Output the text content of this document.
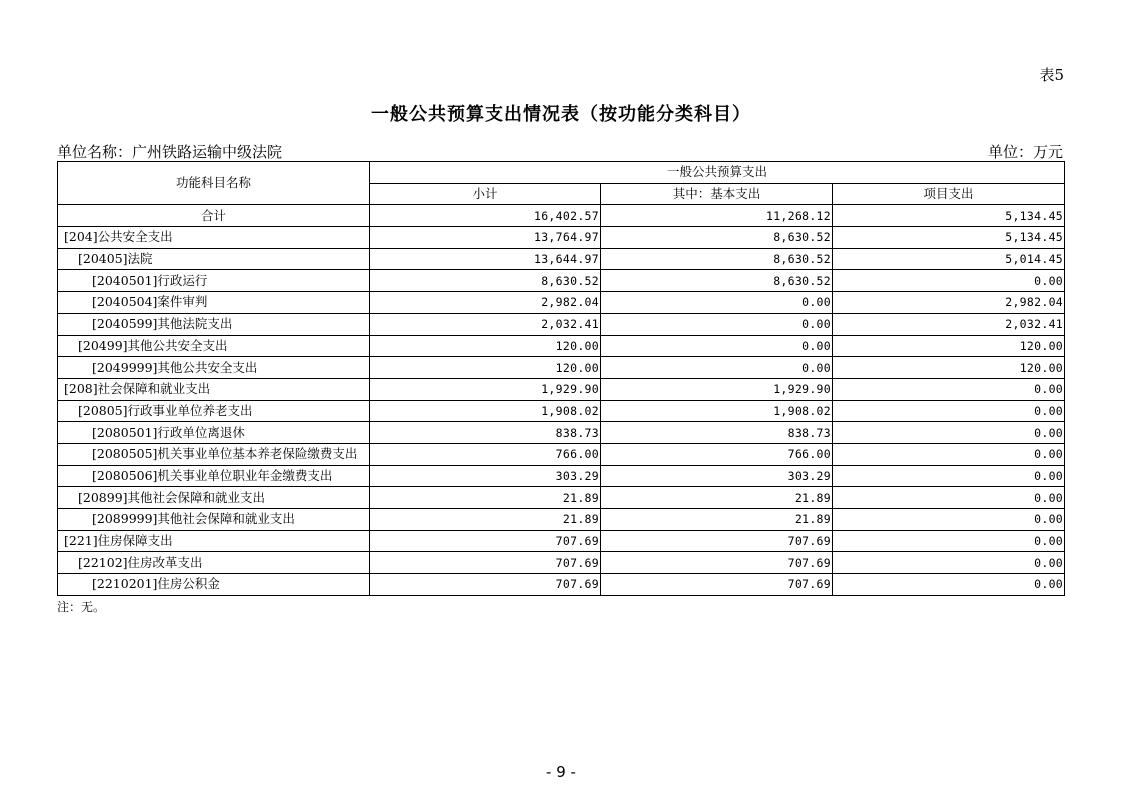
表5
一般公共预算支出情况表（按功能分类科目）
单位名称：广州铁路运输中级法院	单位：万元
功能科目名称	一般公共预算支出		
	小计	其中：基本支出	项目支出
合计	16,402.57	11,268.12	5,134.45
[204]公共安全支出	13,764.97	8,630.52	5,134.45
[20405]法院	13,644.97	8,630.52	5,014.45
[2040501]行政运行	8,630.52	8,630.52	0.00
[2040504]案件审判	2,982.04	0.00	2,982.04
[2040599]其他法院支出	2,032.41	0.00	2,032.41
[20499]其他公共安全支出	120.00	0.00	120.00
[2049999]其他公共安全支出	120.00	0.00	120.00
[208]社会保障和就业支出	1,929.90	1,929.90	0.00
[20805]行政事业单位养老支出	1,908.02	1,908.02	0.00
[2080501]行政单位离退休	838.73	838.73	0.00
[2080505]机关事业单位基本养老保险缴费支出	766.00	766.00	0.00
[2080506]机关事业单位职业年金缴费支出	303.29	303.29	0.00
[20899]其他社会保障和就业支出	21.89	21.89	0.00
[2089999]其他社会保障和就业支出	21.89	21.89	0.00
[221]住房保障支出	707.69	707.69	0.00
[22102]住房改革支出	707.69	707.69	0.00
[2210201]住房公积金	707.69	707.69	0.00
注：无。
- 9 -
